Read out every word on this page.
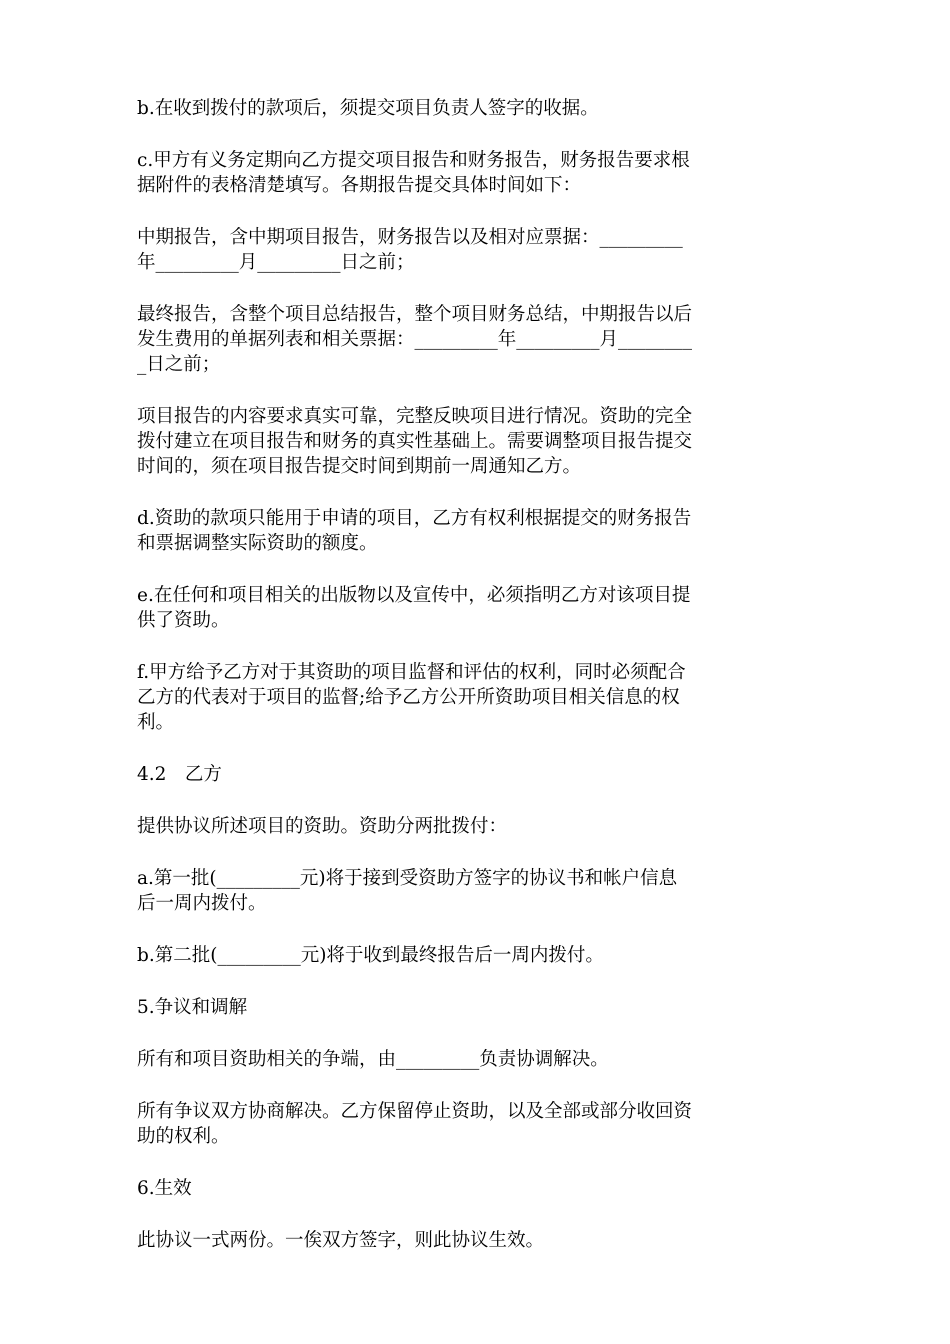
b.在收到拨付的款项后，须提交项目负责人签字的收据。

c.甲方有义务定期向乙方提交项目报告和财务报告，财务报告要求根
据附件的表格清楚填写。各期报告提交具体时间如下：

中期报告，含中期项目报告，财务报告以及相对应票据：_________
年_________月_________日之前；

最终报告，含整个项目总结报告，整个项目财务总结，中期报告以后
发生费用的单据列表和相关票据：_________年_________月________
_日之前；

项目报告的内容要求真实可靠，完整反映项目进行情况。资助的完全
拨付建立在项目报告和财务的真实性基础上。需要调整项目报告提交
时间的，须在项目报告提交时间到期前一周通知乙方。

d.资助的款项只能用于申请的项目，乙方有权利根据提交的财务报告
和票据调整实际资助的额度。

e.在任何和项目相关的出版物以及宣传中，必须指明乙方对该项目提
供了资助。

f.甲方给予乙方对于其资助的项目监督和评估的权利，同时必须配合
乙方的代表对于项目的监督;给予乙方公开所资助项目相关信息的权
利。

4.2　乙方

提供协议所述项目的资助。资助分两批拨付：

a.第一批(_________元)将于接到受资助方签字的协议书和帐户信息
后一周内拨付。

b.第二批(_________元)将于收到最终报告后一周内拨付。

5.争议和调解

所有和项目资助相关的争端，由_________负责协调解决。

所有争议双方协商解决。乙方保留停止资助，以及全部或部分收回资
助的权利。

6.生效

此协议一式两份。一俟双方签字，则此协议生效。
